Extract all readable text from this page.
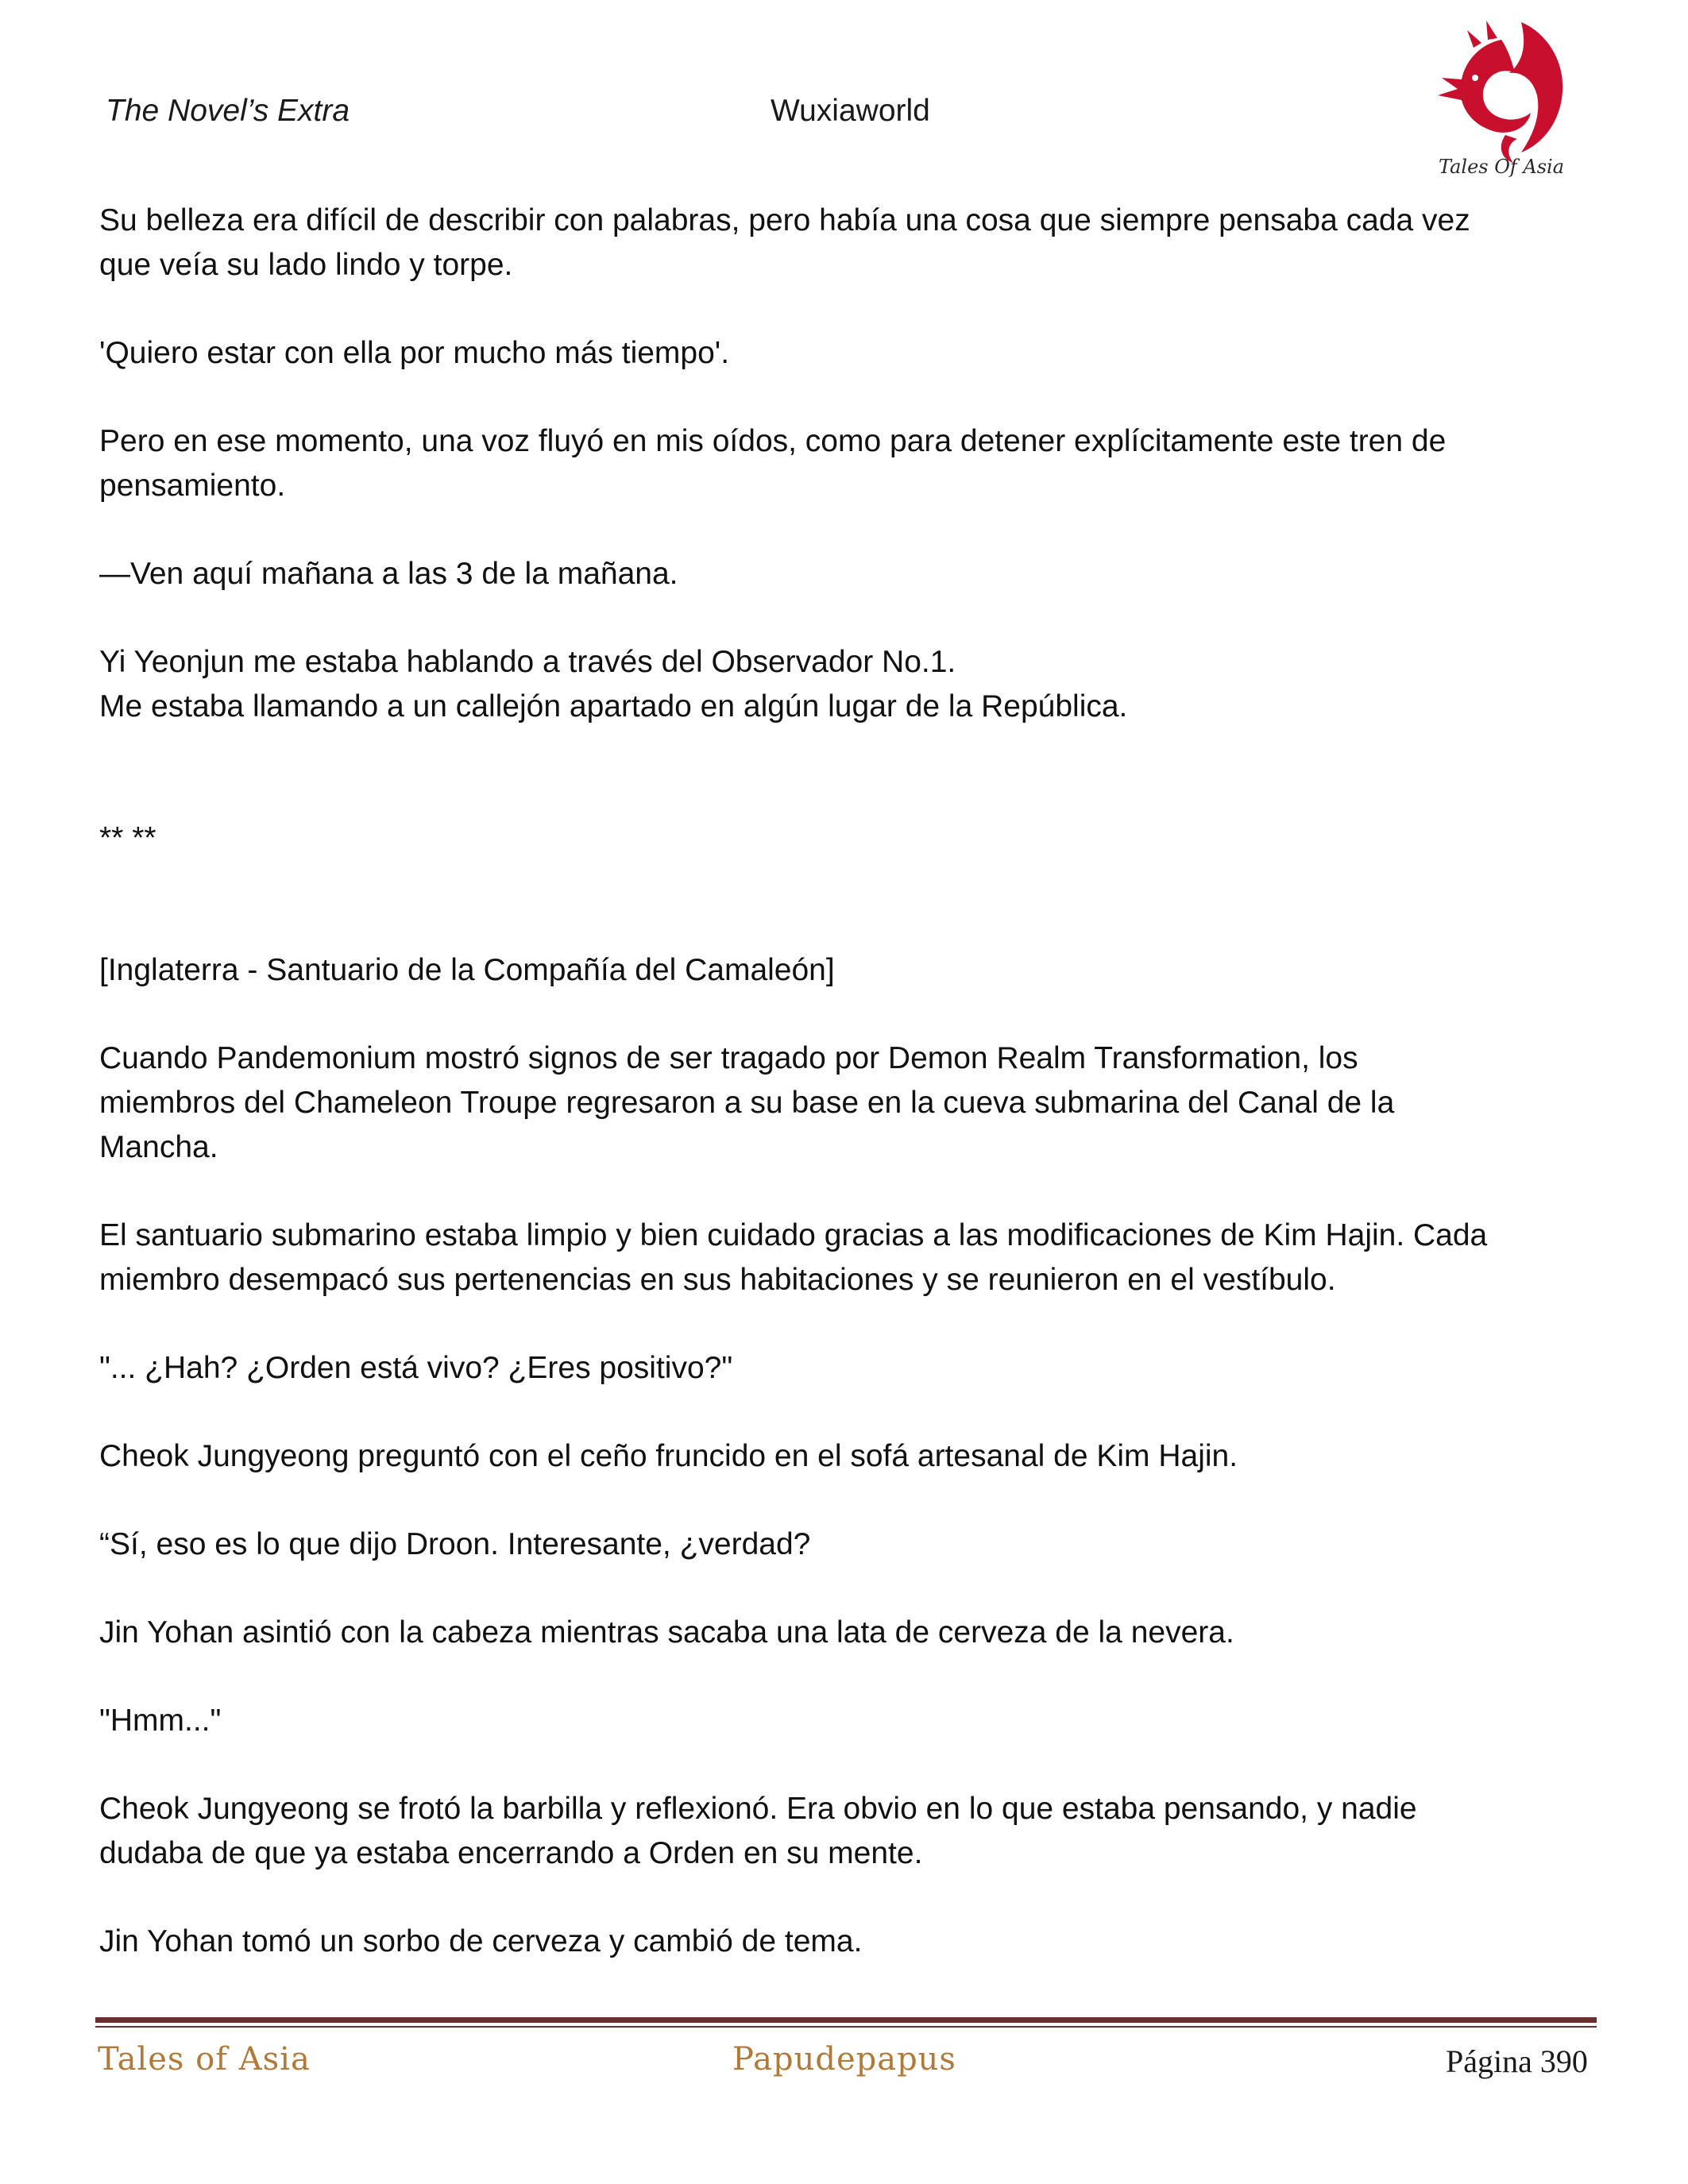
The Novel’s Extra	Wuxiaworld
Tales Of Asia

Su belleza era difícil de describir con palabras, pero había una cosa que siempre pensaba cada vez
que veía su lado lindo y torpe.

'Quiero estar con ella por mucho más tiempo'.

Pero en ese momento, una voz fluyó en mis oídos, como para detener explícitamente este tren de
pensamiento.

—Ven aquí mañana a las 3 de la mañana.

Yi Yeonjun me estaba hablando a través del Observador No.1.
Me estaba llamando a un callejón apartado en algún lugar de la República.

** **

[Inglaterra - Santuario de la Compañía del Camaleón]

Cuando Pandemonium mostró signos de ser tragado por Demon Realm Transformation, los
miembros del Chameleon Troupe regresaron a su base en la cueva submarina del Canal de la
Mancha.

El santuario submarino estaba limpio y bien cuidado gracias a las modificaciones de Kim Hajin. Cada
miembro desempacó sus pertenencias en sus habitaciones y se reunieron en el vestíbulo.

"... ¿Hah? ¿Orden está vivo? ¿Eres positivo?"

Cheok Jungyeong preguntó con el ceño fruncido en el sofá artesanal de Kim Hajin.

“Sí, eso es lo que dijo Droon. Interesante, ¿verdad?

Jin Yohan asintió con la cabeza mientras sacaba una lata de cerveza de la nevera.

"Hmm..."

Cheok Jungyeong se frotó la barbilla y reflexionó. Era obvio en lo que estaba pensando, y nadie
dudaba de que ya estaba encerrando a Orden en su mente.

Jin Yohan tomó un sorbo de cerveza y cambió de tema.

Tales of Asia	Papudepapus	Página 390
